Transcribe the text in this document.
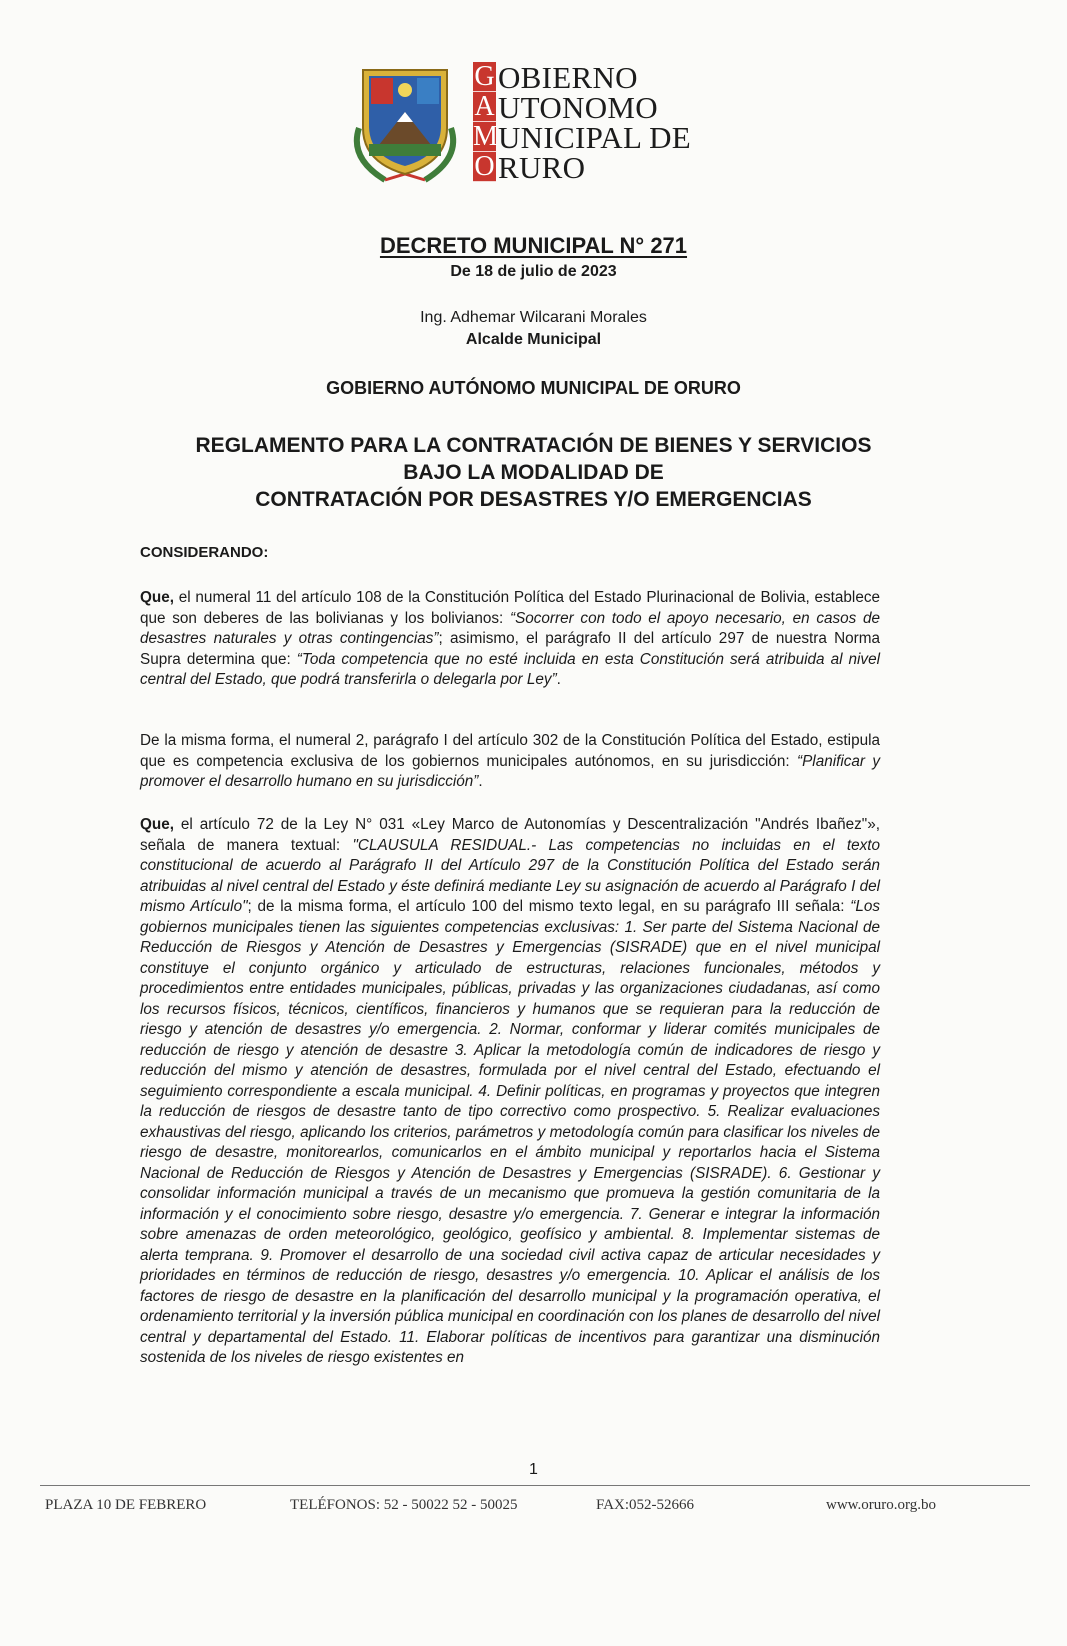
G OBIERNO
A UTONOMO
M UNICIPAL DE
O RURO
DECRETO MUNICIPAL N° 271
De 18 de julio de 2023
Ing. Adhemar Wilcarani Morales
Alcalde Municipal
GOBIERNO AUTÓNOMO MUNICIPAL DE ORURO
REGLAMENTO PARA LA CONTRATACIÓN DE BIENES Y SERVICIOS
BAJO LA MODALIDAD DE
CONTRATACIÓN POR DESASTRES Y/O EMERGENCIAS
CONSIDERANDO:
Que, el numeral 11 del artículo 108 de la Constitución Política del Estado Plurinacional de Bolivia, establece que son deberes de las bolivianas y los bolivianos: “Socorrer con todo el apoyo necesario, en casos de desastres naturales y otras contingencias”; asimismo, el parágrafo II del artículo 297 de nuestra Norma Supra determina que: “Toda competencia que no esté incluida en esta Constitución será atribuida al nivel central del Estado, que podrá transferirla o delegarla por Ley”.
De la misma forma, el numeral 2, parágrafo I del artículo 302 de la Constitución Política del Estado, estipula que es competencia exclusiva de los gobiernos municipales autónomos, en su jurisdicción: “Planificar y promover el desarrollo humano en su jurisdicción”.
Que, el artículo 72 de la Ley N° 031 «Ley Marco de Autonomías y Descentralización "Andrés Ibañez"», señala de manera textual: "CLAUSULA RESIDUAL.- Las competencias no incluidas en el texto constitucional de acuerdo al Parágrafo II del Artículo 297 de la Constitución Política del Estado serán atribuidas al nivel central del Estado y éste definirá mediante Ley su asignación de acuerdo al Parágrafo I del mismo Artículo"; de la misma forma, el artículo 100 del mismo texto legal, en su parágrafo III señala: “Los gobiernos municipales tienen las siguientes competencias exclusivas: 1. Ser parte del Sistema Nacional de Reducción de Riesgos y Atención de Desastres y Emergencias (SISRADE) que en el nivel municipal constituye el conjunto orgánico y articulado de estructuras, relaciones funcionales, métodos y procedimientos entre entidades municipales, públicas, privadas y las organizaciones ciudadanas, así como los recursos físicos, técnicos, científicos, financieros y humanos que se requieran para la reducción de riesgo y atención de desastres y/o emergencia. 2. Normar, conformar y liderar comités municipales de reducción de riesgo y atención de desastre 3. Aplicar la metodología común de indicadores de riesgo y reducción del mismo y atención de desastres, formulada por el nivel central del Estado, efectuando el seguimiento correspondiente a escala municipal. 4. Definir políticas, en programas y proyectos que integren la reducción de riesgos de desastre tanto de tipo correctivo como prospectivo. 5. Realizar evaluaciones exhaustivas del riesgo, aplicando los criterios, parámetros y metodología común para clasificar los niveles de riesgo de desastre, monitorearlos, comunicarlos en el ámbito municipal y reportarlos hacia el Sistema Nacional de Reducción de Riesgos y Atención de Desastres y Emergencias (SISRADE). 6. Gestionar y consolidar información municipal a través de un mecanismo que promueva la gestión comunitaria de la información y el conocimiento sobre riesgo, desastre y/o emergencia. 7. Generar e integrar la información sobre amenazas de orden meteorológico, geológico, geofísico y ambiental. 8. Implementar sistemas de alerta temprana. 9. Promover el desarrollo de una sociedad civil activa capaz de articular necesidades y prioridades en términos de reducción de riesgo, desastres y/o emergencia. 10. Aplicar el análisis de los factores de riesgo de desastre en la planificación del desarrollo municipal y la programación operativa, el ordenamiento territorial y la inversión pública municipal en coordinación con los planes de desarrollo del nivel central y departamental del Estado. 11. Elaborar políticas de incentivos para garantizar una disminución sostenida de los niveles de riesgo existentes en
1
PLAZA 10 DE FEBRERO	TELÉFONOS: 52 - 50022 52 - 50025	FAX:052-52666	www.oruro.org.bo
